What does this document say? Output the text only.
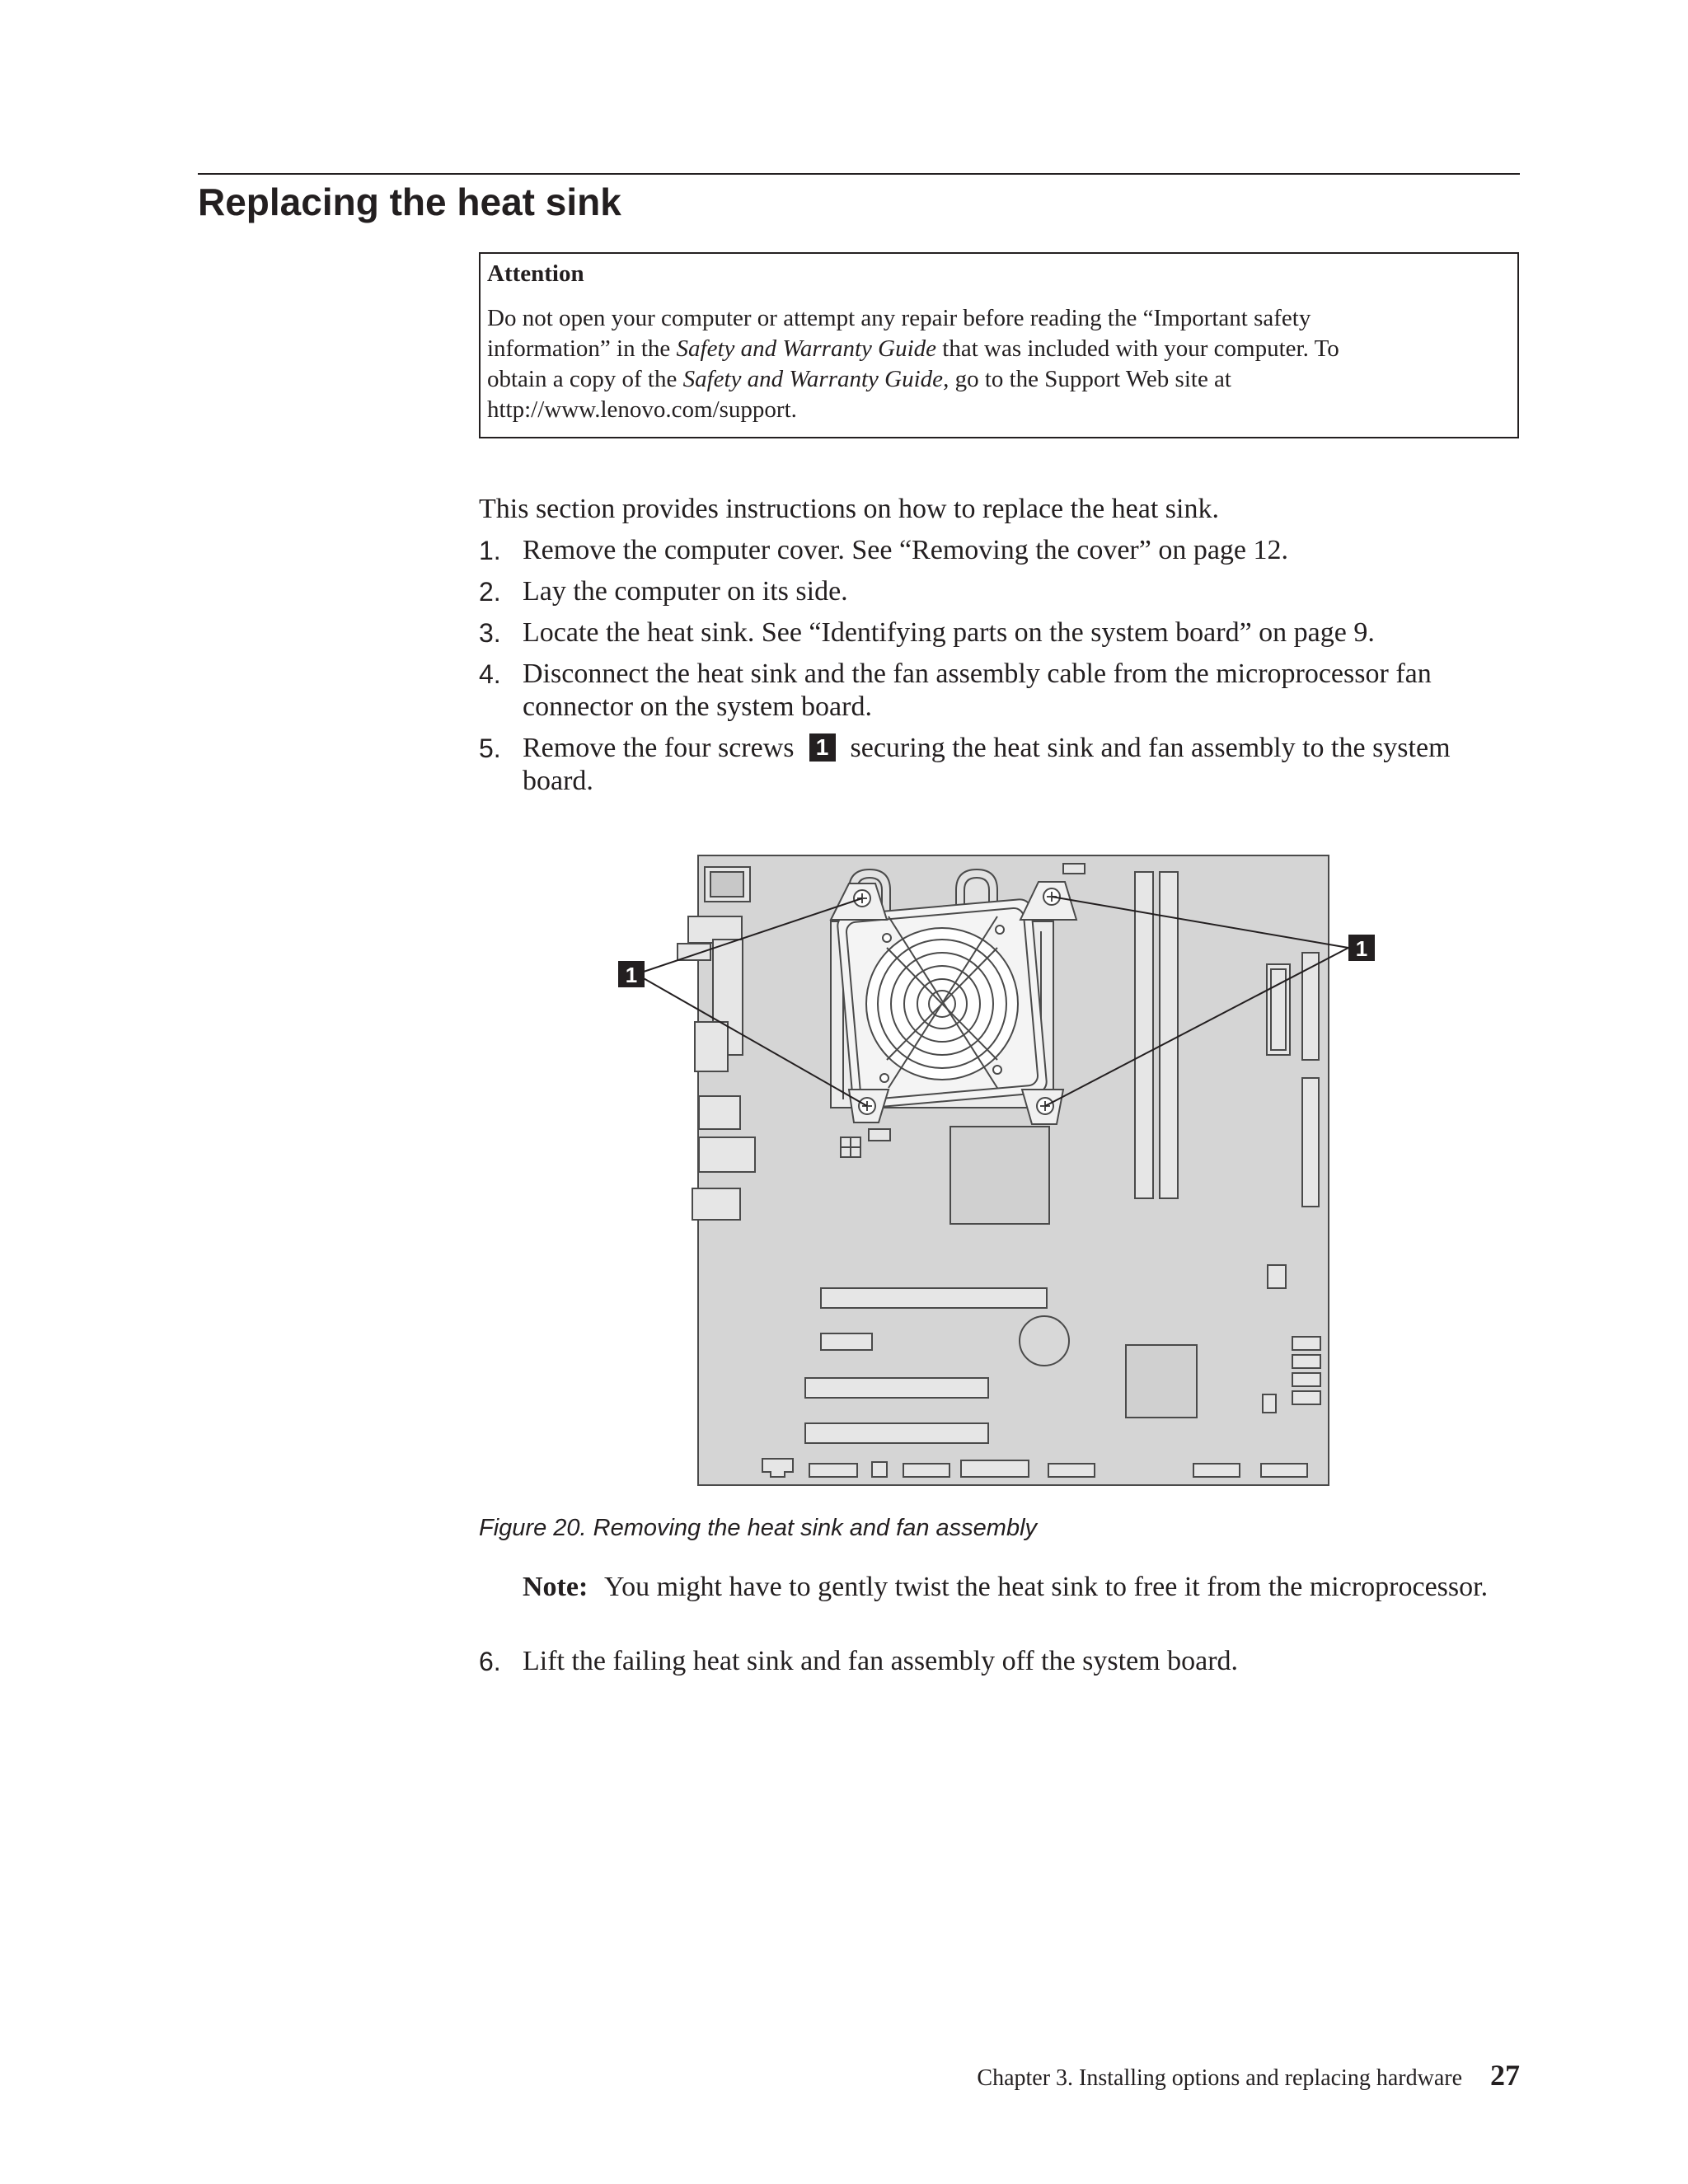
Replacing the heat sink
Attention
Do not open your computer or attempt any repair before reading the “Important safety
information” in the Safety and Warranty Guide that was included with your computer. To
obtain a copy of the Safety and Warranty Guide, go to the Support Web site at
http://www.lenovo.com/support.

This section provides instructions on how to replace the heat sink.

1. Remove the computer cover. See “Removing the cover” on page 12.
2. Lay the computer on its side.
3. Locate the heat sink. See “Identifying parts on the system board” on page 9.
4. Disconnect the heat sink and the fan assembly cable from the microprocessor fan connector on the system board.
5. Remove the four screws 1 securing the heat sink and fan assembly to the system board.
1
1

Figure 20. Removing the heat sink and fan assembly

Note: You might have to gently twist the heat sink to free it from the microprocessor.
6. Lift the failing heat sink and fan assembly off the system board.
Chapter 3. Installing options and replacing hardware 27
